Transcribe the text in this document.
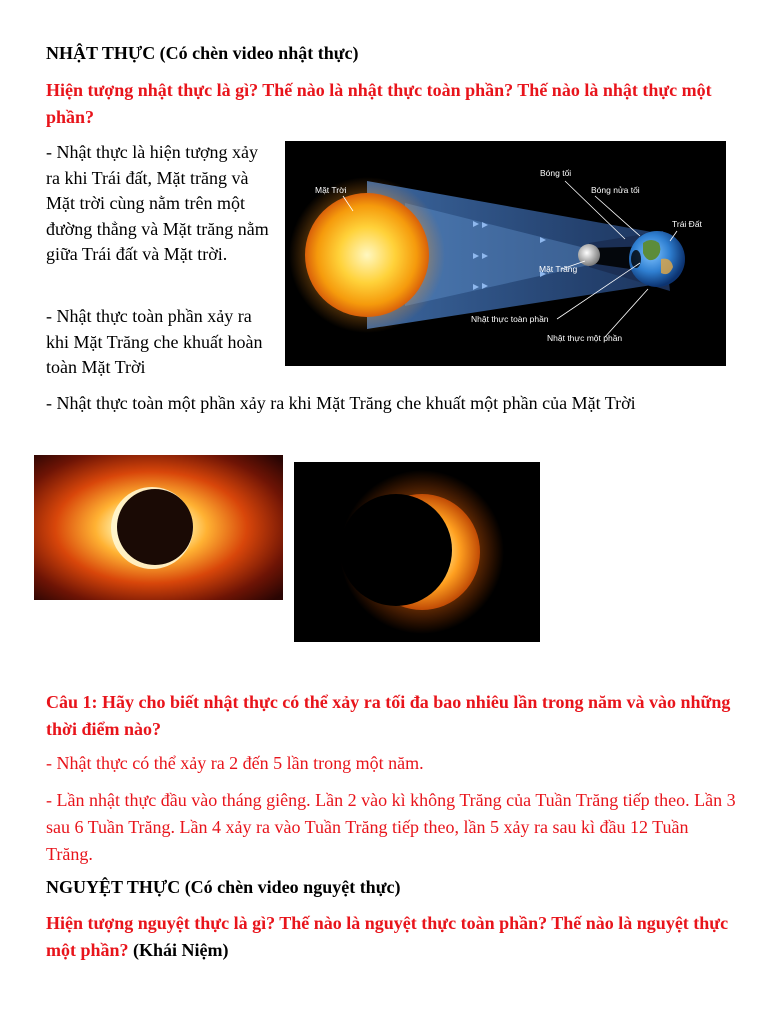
NHẬT THỰC (Có chèn video nhật thực)
Hiện tượng nhật thực là gì? Thế nào là nhật thực toàn phần? Thế nào là nhật thực một phần?
- Nhật thực là hiện tượng xảy ra khi Trái đất, Mặt trăng và Mặt trời cùng nằm trên một đường thẳng và Mặt trăng nằm giữa Trái đất và Mặt trời.
- Nhật thực toàn phần xảy ra khi Mặt Trăng che khuất hoàn toàn Mặt Trời
- Nhật thực toàn một phần xảy ra khi Mặt Trăng che khuất một phần của Mặt Trời
Mặt Trời
Bóng tối
Bóng nửa tối
Trái Đất
Mặt Trăng
Nhật thực toàn phần
Nhật thực một phần
Câu 1: Hãy cho biết nhật thực có thể xảy ra tối đa bao nhiêu lần trong năm và vào những thời điểm nào?
- Nhật thực có thể xảy ra 2 đến 5 lần trong một năm.
- Lần nhật thực đầu vào tháng giêng. Lần 2 vào kì không Trăng của Tuần Trăng tiếp theo. Lần 3 sau 6 Tuần Trăng. Lần 4 xảy ra vào Tuần Trăng tiếp theo, lần 5 xảy ra sau kì đầu 12 Tuần Trăng.
NGUYỆT THỰC (Có chèn video nguyệt thực)
Hiện tượng nguyệt thực là gì? Thế nào là nguyệt thực toàn phần? Thế nào là nguyệt thực một phần? (Khái Niệm)
